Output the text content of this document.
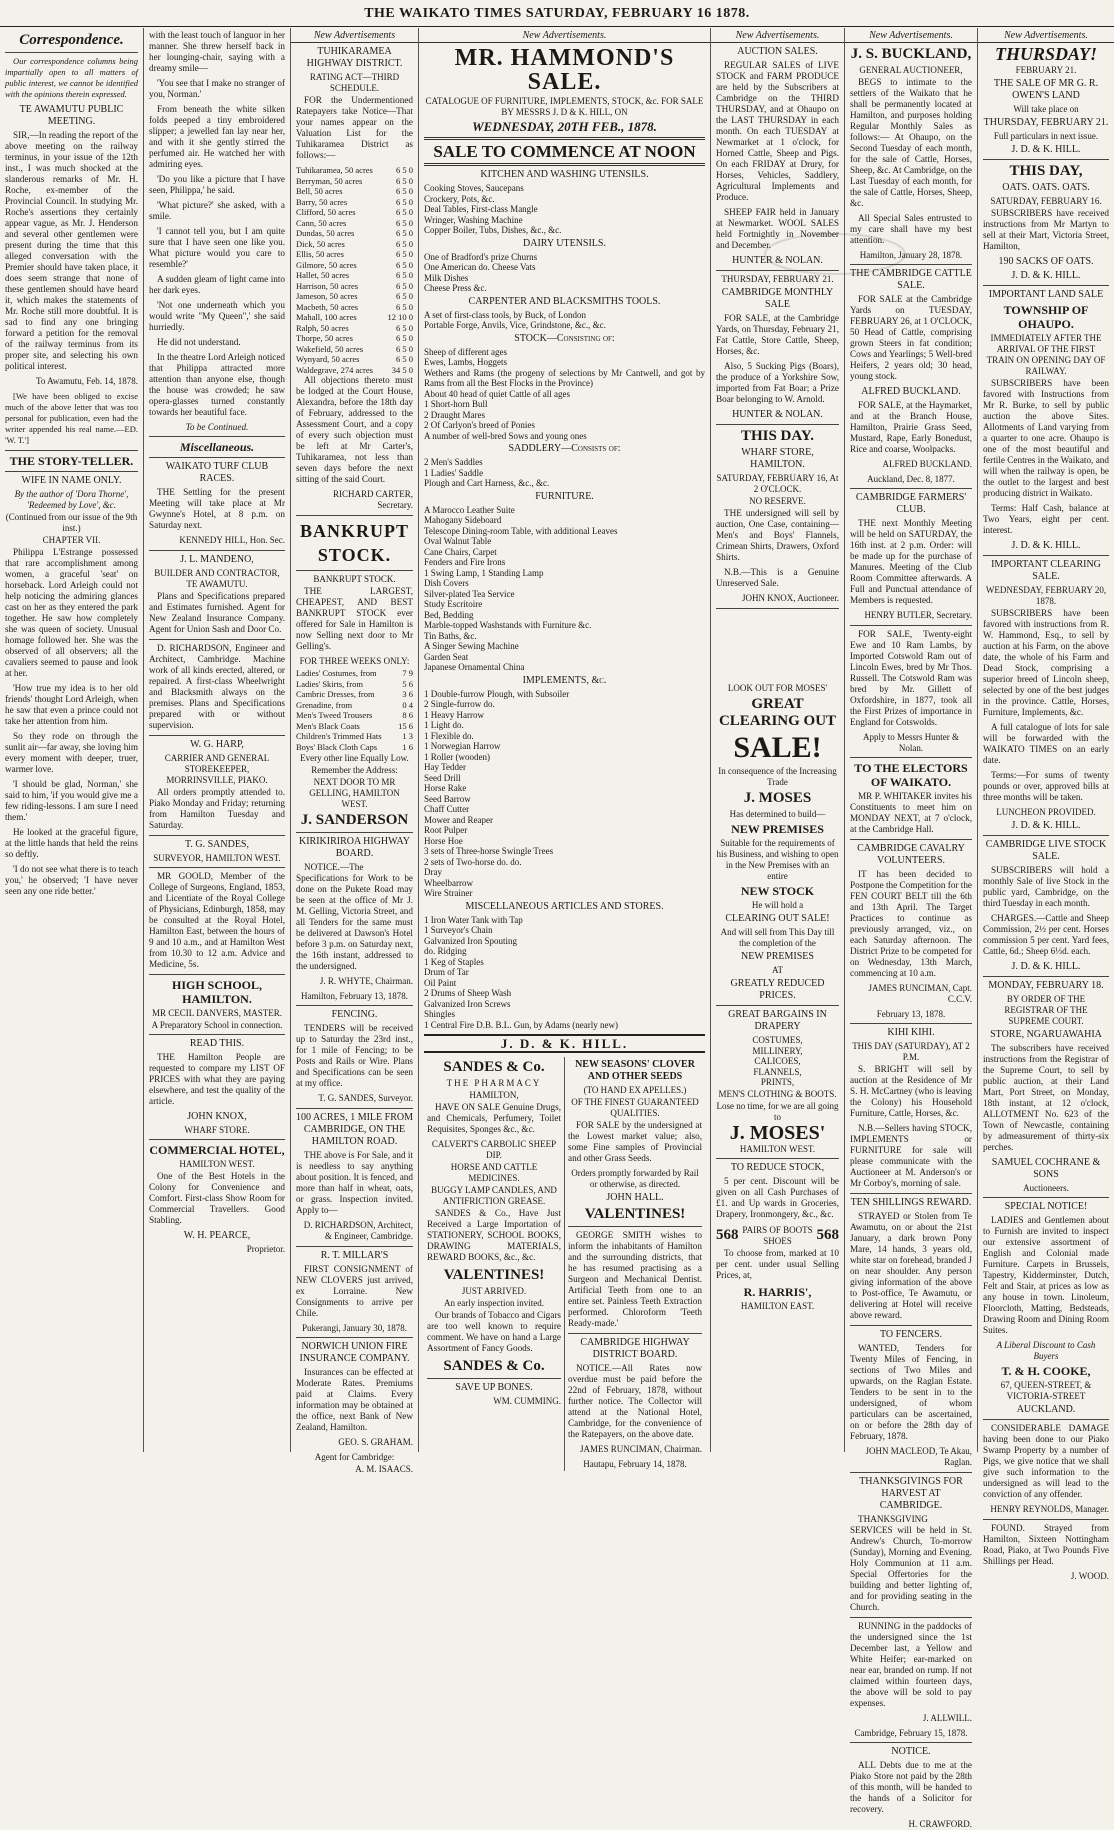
THE WAIKATO TIMES SATURDAY, FEBRUARY 16 1878.
Correspondence.

Our correspondence columns being impartially open to all matters of public interest, we cannot be identified with the opinions therein expressed.

TE AWAMUTU PUBLIC MEETING.

SIR,—In reading the report of the above meeting on the railway terminus, in your issue of the 12th inst., I was much shocked at the slanderous remarks of Mr. H. Roche, ex-member of the Provincial Council. In studying Mr. Roche's assertions they certainly appear vague, as Mr. J. Henderson and several other gentlemen were present during the time that this alleged conversation with the Premier should have taken place, it does seem strange that none of these gentlemen should have heard it, which makes the statements of Mr. Roche still more doubtful. It is sad to find any one bringing forward a petition for the removal of the railway terminus from its proper site, and selecting his own political interest.

To Awamutu, Feb. 14, 1878.

[We have been obliged to excise much of the above letter that was too personal for publication, even had the writer appended his real name.—ED. 'W. T.']

THE STORY-TELLER.
WIFE IN NAME ONLY.
By the author of 'Dora Thorne', 'Redeemed by Love', &c.
(Continued from our issue of the 9th inst.)
CHAPTER VII.

Philippa L'Estrange possessed that rare accomplishment among women, a graceful 'seat' on horseback. Lord Arleigh could not help noticing the admiring glances cast on her as they entered the park together. He saw how completely she was queen of society. Unusual homage followed her. She was the observed of all observers; all the cavaliers seemed to pause and look at her.

'How true my idea is to her old friends' thought Lord Arleigh, when he saw that even a prince could not take her attention from him.

So they rode on through the sunlit air—far away, she loving him every moment with deeper, truer, warmer love.

'I should be glad, Norman,' she said to him, 'if you would give me a few riding-lessons. I am sure I need them.'

He looked at the graceful figure, at the little hands that held the reins so deftly.

'I do not see what there is to teach you,' he observed; 'I have never seen any one ride better.'

with the least touch of languor in her manner. She threw herself back in her lounging-chair, saying with a dreamy smile—

'You see that I make no stranger of you, Norman.'

From beneath the white silken folds peeped a tiny embroidered slipper; a jewelled fan lay near her, and with it she gently stirred the perfumed air. He watched her with admiring eyes.

'Do you like a picture that I have seen, Philippa,' he said.

'What picture?' she asked, with a smile.

'I cannot tell you, but I am quite sure that I have seen one like you. What picture would you care to resemble?'

A sudden gleam of light came into her dark eyes.

'Not one underneath which you would write "My Queen",' she said hurriedly.

He did not understand.

In the theatre Lord Arleigh noticed that Philippa attracted more attention than anyone else, though the house was crowded; he saw opera-glasses turned constantly towards her beautiful face.

To be Continued.
Miscellaneous.
WAIKATO TURF CLUB RACES.

THE Settling for the present Meeting will take place at Mr Gwynne's Hotel, at 8 p.m. on Saturday next.

KENNEDY HILL, Hon. Sec.
J. L. MANDENO,
BUILDER AND CONTRACTOR, TE AWAMUTU.

Plans and Specifications prepared and Estimates furnished. Agent for New Zealand Insurance Company. Agent for Union Sash and Door Co.

D. RICHARDSON, Engineer and Architect, Cambridge. Machine work of all kinds erected, altered, or repaired. A first-class Wheelwright and Blacksmith always on the premises. Plans and Specifications prepared with or without supervision.

W. G. HARP,
CARRIER AND GENERAL STOREKEEPER, MORRINSVILLE, PIAKO.

All orders promptly attended to. Piako Monday and Friday; returning from Hamilton Tuesday and Saturday.

T. G. SANDES,
SURVEYOR, HAMILTON WEST.

MR GOOLD, Member of the College of Surgeons, England, 1853, and Licentiate of the Royal College of Physicians, Edinburgh, 1858, may be consulted at the Royal Hotel, Hamilton East, between the hours of 9 and 10 a.m., and at Hamilton West from 10.30 to 12 a.m. Advice and Medicine, 5s.

HIGH SCHOOL, HAMILTON.
MR CECIL DANVERS, MASTER.
A Preparatory School in connection.
READ THIS.

THE Hamilton People are requested to compare my LIST OF PRICES with what they are paying elsewhere, and test the quality of the article.

JOHN KNOX,
WHARF STORE.
COMMERCIAL HOTEL,
HAMILTON WEST.

One of the Best Hotels in the Colony for Convenience and Comfort. First-class Show Room for Commercial Travellers. Good Stabling.

W. H. PEARCE,
Proprietor.
New Advertisements
TUHIKARAMEA HIGHWAY DISTRICT.
RATING ACT—THIRD SCHEDULE.

FOR the Undermentioned Ratepayers take Notice—That your names appear on the Valuation List for the Tuhikaramea District as follows:—

Tuhikaramea, 50 acres	6 5 0
Berryman, 50 acres	6 5 0
Bell, 50 acres	6 5 0
Barry, 50 acres	6 5 0
Clifford, 50 acres	6 5 0
Cann, 50 acres	6 5 0
Dundas, 50 acres	6 5 0
Dick, 50 acres	6 5 0
Ellis, 50 acres	6 5 0
Gilmore, 50 acres	6 5 0
Hallet, 50 acres	6 5 0
Harrison, 50 acres	6 5 0
Jameson, 50 acres	6 5 0
Macbeth, 50 acres	6 5 0
Mahall, 100 acres	12 10 0
Ralph, 50 acres	6 5 0
Thorpe, 50 acres	6 5 0
Wakefield, 50 acres	6 5 0
Wynyard, 50 acres	6 5 0
Waldegrave, 274 acres 34 5 0

All objections thereto must be lodged at the Court House, Alexandra, before the 18th day of February, addressed to the Assessment Court, and a copy of every such objection must be left at Mr Carter's, Tuhikaramea, not less than seven days before the next sitting of the said Court.

RICHARD CARTER, Secretary.
BANKRUPT STOCK.
BANKRUPT STOCK.

THE LARGEST, CHEAPEST, AND BEST BANKRUPT STOCK ever offered for Sale in Hamilton is now Selling next door to Mr Gelling's.

FOR THREE WEEKS ONLY:
Ladies' Costumes, from	7 9
Ladies' Skirts, from	5 6
Cambric Dresses, from	3 6
Grenadine, from	0 4
Men's Tweed Trousers	8 6
Men's Black Coats	15 6
Children's Trimmed Hats 1 3
Boys' Black Cloth Caps	1 6
Every other line Equally Low.
Remember the Address:
NEXT DOOR TO MR GELLING, HAMILTON WEST.
J. SANDERSON
KIRIKIRIROA HIGHWAY BOARD.

NOTICE.—The Specifications for Work to be done on the Pukete Road may be seen at the office of Mr J. M. Gelling, Victoria Street, and all Tenders for the same must be delivered at Dawson's Hotel before 3 p.m. on Saturday next, the 16th instant, addressed to the undersigned.

J. R. WHYTE, Chairman.
Hamilton, February 13, 1878.
FENCING.

TENDERS will be received up to Saturday the 23rd inst., for 1 mile of Fencing; to be Posts and Rails or Wire. Plans and Specifications can be seen at my office.

T. G. SANDES, Surveyor.
100 ACRES, 1 MILE FROM CAMBRIDGE, ON THE HAMILTON ROAD.

THE above is For Sale, and it is needless to say anything about position. It is fenced, and more than half in wheat, oats, or grass. Inspection invited. Apply to—

D. RICHARDSON, Architect, & Engineer, Cambridge.
R. T. MILLAR'S

FIRST CONSIGNMENT of NEW CLOVERS just arrived, ex Lorraine. New Consignments to arrive per Chile.

Pukerangi, January 30, 1878.
NORWICH UNION FIRE INSURANCE COMPANY.

Insurances can be effected at Moderate Rates. Premiums paid at Claims. Every information may be obtained at the office, next Bank of New Zealand, Hamilton.

GEO. S. GRAHAM.
Agent for Cambridge:
A. M. ISAACS.
New Advertisements.
MR. HAMMOND'S SALE.
CATALOGUE OF FURNITURE, IMPLEMENTS, STOCK, &c. FOR SALE BY MESSRS J. D & K. HILL, ON
WEDNESDAY, 20TH FEB., 1878.
SALE TO COMMENCE AT NOON
KITCHEN AND WASHING UTENSILS.
Cooking Stoves, Saucepans
Crockery, Pots, &c.
Deal Tables, First-class Mangle
Wringer, Washing Machine
Copper Boiler, Tubs, Dishes, &c., &c.
DAIRY UTENSILS.
One of Bradford's prize Churns
One American do. Cheese Vats
Milk Dishes
Cheese Press &c.
CARPENTER AND BLACKSMITHS TOOLS.
A set of first-class tools, by Buck, of London
Portable Forge, Anvils, Vice, Grindstone, &c., &c.
STOCK—Consisting of:
Sheep of different ages
Ewes, Lambs, Hoggets
Wethers and Rams (the progeny of selections by Mr Cantwell, and got by Rams from all the Best Flocks in the Province)
About 40 head of quiet Cattle of all ages
1 Short-horn Bull
2 Draught Mares
2 Of Carlyon's breed of Ponies
A number of well-bred Sows and young ones
SADDLERY—Consists of:
2 Men's Saddles
1 Ladies' Saddle
Plough and Cart Harness, &c., &c.
FURNITURE.
A Marocco Leather Suite
Mahogany Sideboard
Telescope Dining-room Table, with additional Leaves
Oval Walnut Table
Cane Chairs, Carpet
Fenders and Fire Irons
1 Swing Lamp, 1 Standing Lamp
Dish Covers
Silver-plated Tea Service
Study Escritoire
Bed, Bedding
Marble-topped Washstands with Furniture &c.
Tin Baths, &c.
A Singer Sewing Machine
Garden Seat
Japanese Ornamental China
IMPLEMENTS, &c.
1 Double-furrow Plough, with Subsoiler
2 Single-furrow do.
1 Heavy Harrow
1 Light do.
1 Flexible do.
1 Norwegian Harrow
1 Roller (wooden)
Hay Tedder
Seed Drill
Horse Rake
Seed Barrow
Chaff Cutter
Mower and Reaper
Root Pulper
Horse Hoe
3 sets of Three-horse Swingle Trees
2 sets of Two-horse do. do.
Dray
Wheelbarrow
Wire Strainer
MISCELLANEOUS ARTICLES AND STORES.
1 Iron Water Tank with Tap
1 Surveyor's Chain
Galvanized Iron Spouting
do. Ridging
1 Keg of Staples
Drum of Tar
Oil Paint
2 Drums of Sheep Wash
Galvanized Iron Screws
Shingles
1 Central Fire D.B. B.L. Gun, by Adams (nearly new)
J. D. & K. HILL.
SANDES & Co.
THE PHARMACY
HAMILTON,

HAVE ON SALE Genuine Drugs, and Chemicals, Perfumery, Toilet Requisites, Sponges &c., &c.

CALVERT'S CARBOLIC SHEEP DIP.
HORSE AND CATTLE MEDICINES.
BUGGY LAMP CANDLES, AND ANTIFRICTION GREASE.

SANDES & Co., Have Just Received a Large Importation of STATIONERY, SCHOOL BOOKS, DRAWING MATERIALS, REWARD BOOKS, &c., &c.

VALENTINES!
JUST ARRIVED.
An early inspection invited.

Our brands of Tobacco and Cigars are too well known to require comment. We have on hand a Large Assortment of Fancy Goods.

SANDES & Co.
SAVE UP BONES.
WM. CUMMING.
NEW SEASONS' CLOVER AND OTHER SEEDS
(TO HAND EX APELLES.)
OF THE FINEST GUARANTEED QUALITIES.

FOR SALE by the undersigned at the Lowest market value; also, some Fine samples of Provincial and other Grass Seeds.

Orders promptly forwarded by Rail or otherwise, as directed.
JOHN HALL.
VALENTINES!

GEORGE SMITH wishes to inform the inhabitants of Hamilton and the surrounding districts, that he has resumed practising as a Surgeon and Mechanical Dentist. Artificial Teeth from one to an entire set. Painless Teeth Extraction performed. Chloroform 'Teeth Ready-made.'

CAMBRIDGE HIGHWAY DISTRICT BOARD.

NOTICE.—All Rates now overdue must be paid before the 22nd of February, 1878, without further notice. The Collector will attend at the National Hotel, Cambridge, for the convenience of the Ratepayers, on the above date.

JAMES RUNCIMAN, Chairman.
Hautapu, February 14, 1878.
New Advertisements.
AUCTION SALES.

REGULAR SALES of LIVE STOCK and FARM PRODUCE are held by the Subscribers at Cambridge on the THIRD THURSDAY, and at Ohaupo on the LAST THURSDAY in each month. On each TUESDAY at Newmarket at 1 o'clock, for Horned Cattle, Sheep and Pigs. On each FRIDAY at Drury, for Horses, Vehicles, Saddlery, Agricultural Implements and Produce.

SHEEP FAIR held in January at Newmarket. WOOL SALES held Fortnightly in November and December.

HUNTER & NOLAN.
THURSDAY, FEBRUARY 21.
CAMBRIDGE MONTHLY SALE

FOR SALE, at the Cambridge Yards, on Thursday, February 21, Fat Cattle, Store Cattle, Sheep, Horses, &c.

Also, 5 Sucking Pigs (Boars), the produce of a Yorkshire Sow, imported from Fat Boar; a Prize Boar belonging to W. Arnold.

HUNTER & NOLAN.
THIS DAY.
WHARF STORE, HAMILTON.
SATURDAY, FEBRUARY 16, At 2 O'CLOCK.
NO RESERVE.

THE undersigned will sell by auction, One Case, containing—Men's and Boys' Flannels, Crimean Shirts, Drawers, Oxford Shirts.

N.B.—This is a Genuine Unreserved Sale.

JOHN KNOX, Auctioneer.
LOOK OUT FOR MOSES'
GREAT CLEARING OUT
SALE!
In consequence of the Increasing Trade
J. MOSES
Has determined to build—
NEW PREMISES
Suitable for the requirements of his Business, and wishing to open in the New Premises with an entire
NEW STOCK
He will hold a
CLEARING OUT SALE!
And will sell from This Day till the completion of the
NEW PREMISES
AT
GREATLY REDUCED PRICES.
GREAT BARGAINS IN DRAPERY
COSTUMES,
MILLINERY,
CALICOES,
FLANNELS,
PRINTS,
MEN'S CLOTHING & BOOTS.
Lose no time, for we are all going to
J. MOSES'
HAMILTON WEST.
TO REDUCE STOCK,

5 per cent. Discount will be given on all Cash Purchases of £1. and Up wards in Groceries, Drapery, Ironmongery, &c., &c.

568 PAIRS OF BOOTS SHOES	568

To choose from, marked at 10 per cent. under usual Selling Prices, at,

R. HARRIS',
HAMILTON EAST.
New Advertisements.
J. S. BUCKLAND,
GENERAL AUCTIONEER,

BEGS to intimate to the settlers of the Waikato that he shall be permanently located at Hamilton, and purposes holding Regular Monthly Sales as follows:— At Ohaupo, on the Second Tuesday of each month, for the sale of Cattle, Horses, Sheep, &c. At Cambridge, on the Last Tuesday of each month, for the sale of Cattle, Horses, Sheep, &c.

All Special Sales entrusted to my care shall have my best attention.

Hamilton, January 28, 1878.
THE CAMBRIDGE CATTLE SALE.

FOR SALE at the Cambridge Yards on TUESDAY, FEBRUARY 26, at 1 O'CLOCK, 50 Head of Cattle, comprising grown Steers in fat condition; Cows and Yearlings; 5 Well-bred Heifers, 2 years old; 30 head, young stock.

ALFRED BUCKLAND.

FOR SALE, at the Haymarket, and at the Branch House, Hamilton, Prairie Grass Seed, Mustard, Rape, Early Bonedust, Rice and coarse, Woolpacks.

ALFRED BUCKLAND.
Auckland, Dec. 8, 1877.
CAMBRIDGE FARMERS' CLUB.

THE next Monthly Meeting will be held on SATURDAY, the 16th inst. at 2 p.m. Order: will be made up for the purchase of Manures. Meeting of the Club Room Committee afterwards. A Full and Punctual attendance of Members is requested.

HENRY BUTLER, Secretary.

FOR SALE, Twenty-eight Ewe and 10 Ram Lambs, by Imported Cotswold Ram out of Lincoln Ewes, bred by Mr Thos. Russell. The Cotswold Ram was bred by Mr. Gillett of Oxfordshire, in 1877, took all the First Prizes of importance in England for Cotswolds.

Apply to Messrs Hunter & Nolan.
TO THE ELECTORS OF WAIKATO.

MR P. WHITAKER invites his Constituents to meet him on MONDAY NEXT, at 7 o'clock, at the Cambridge Hall.

CAMBRIDGE CAVALRY VOLUNTEERS.

IT has been decided to Postpone the Competition for the FEN COURT BELT till the 6th and 13th April. The Target Practices to continue as previously arranged, viz., on each Saturday afternoon. The District Prize to be competed for on Wednesday, 13th March, commencing at 10 a.m.

JAMES RUNCIMAN, Capt. C.C.V.
February 13, 1878.
KIHI KIHI.
THIS DAY (SATURDAY), AT 2 P.M.

S. BRIGHT will sell by auction at the Residence of Mr S. H. McCartney (who is leaving the Colony) his Household Furniture, Cattle, Horses, &c.

N.B.—Sellers having STOCK, IMPLEMENTS or FURNITURE for sale will please communicate with the Auctioneer at M. Anderson's or Mr Corboy's, morning of sale.

TEN SHILLINGS REWARD.

STRAYED or Stolen from Te Awamutu, on or about the 21st January, a dark brown Pony Mare, 14 hands, 3 years old, white star on forehead, branded J on near shoulder. Any person giving information of the above to Post-office, Te Awamutu, or delivering at Hotel will receive above reward.

TO FENCERS.

WANTED, Tenders for Twenty Miles of Fencing, in sections of Two Miles and upwards, on the Raglan Estate. Tenders to be sent in to the undersigned, of whom particulars can be ascertained, on or before the 28th day of February, 1878.

JOHN MACLEOD, Te Akau, Raglan.
THANKSGIVINGS FOR HARVEST AT CAMBRIDGE.

THANKSGIVING SERVICES will be held in St. Andrew's Church, To-morrow (Sunday), Morning and Evening. Holy Communion at 11 a.m. Special Offertories for the building and better lighting of, and for providing seating in the Church.

RUNNING in the paddocks of the undersigned since the 1st December last, a Yellow and White Heifer; ear-marked on near ear, branded on rump. If not claimed within fourteen days, the above will be sold to pay expenses.

J. ALLWILL.
Cambridge, February 15, 1878.
NOTICE.

ALL Debts due to me at the Piako Store not paid by the 28th of this month, will be handed to the hands of a Solicitor for recovery.

H. CRAWFORD.
New Advertisements.
THURSDAY!
FEBRUARY 21.
THE SALE OF MR G. R. OWEN'S LAND
Will take place on
THURSDAY, FEBRUARY 21.
Full particulars in next issue.
J. D. & K. HILL.
THIS DAY,
OATS. OATS. OATS.
SATURDAY, FEBRUARY 16.

SUBSCRIBERS have received instructions from Mr Martyn to sell at their Mart, Victoria Street, Hamilton,

190 SACKS OF OATS.
J. D. & K. HILL.
IMPORTANT LAND SALE
TOWNSHIP OF OHAUPO.
IMMEDIATELY AFTER THE ARRIVAL OF THE FIRST TRAIN ON OPENING DAY OF RAILWAY.

SUBSCRIBERS have been favored with Instructions from Mr R. Burke, to sell by public auction the above Sites. Allotments of Land varying from a quarter to one acre. Ohaupo is one of the most beautiful and fertile Centres in the Waikato, and will when the railway is open, be the outlet to the largest and best producing district in Waikato.

Terms: Half Cash, balance at Two Years, eight per cent. interest.

J. D. & K. HILL.
IMPORTANT CLEARING SALE.
WEDNESDAY, FEBRUARY 20, 1878.

SUBSCRIBERS have been favored with instructions from R. W. Hammond, Esq., to sell by auction at his Farm, on the above date, the whole of his Farm and Dead Stock, comprising a superior breed of Lincoln sheep, selected by one of the best judges in the province. Cattle, Horses, Furniture, Implements, &c.

A full catalogue of lots for sale will be forwarded with the WAIKATO TIMES on an early date.

Terms:—For sums of twenty pounds or over, approved bills at three months will be taken.

LUNCHEON PROVIDED.
J. D. & K. HILL.
CAMBRIDGE LIVE STOCK SALE.

SUBSCRIBERS will hold a monthly Sale of live Stock in the public yard, Cambridge, on the third Tuesday in each month.

CHARGES.—Cattle and Sheep Commission, 2½ per cent. Horses commission 5 per cent. Yard fees, Cattle, 6d.; Sheep 6⅓d. each.

J. D. & K. HILL.
MONDAY, FEBRUARY 18.
BY ORDER OF THE REGISTRAR OF THE SUPREME COURT.
STORE, NGARUAWAHIA

The subscribers have received instructions from the Registrar of the Supreme Court, to sell by public auction, at their Land Mart, Port Street, on Monday, 18th instant, at 12 o'clock, ALLOTMENT No. 623 of the Town of Newcastle, containing by admeasurement of thirty-six perches.

SAMUEL COCHRANE & SONS
Auctioneers.
SPECIAL NOTICE!

LADIES and Gentlemen about to Furnish are invited to inspect our extensive assortment of English and Colonial made Furniture. Carpets in Brussels, Tapestry, Kidderminster, Dutch, Felt and Stair, at prices as low as any house in town. Linoleum, Floorcloth, Matting, Bedsteads, Drawing Room and Dining Room Suites.

A Liberal Discount to Cash Buyers
T. & H. COOKE,
67, QUEEN-STREET, & VICTORIA-STREET
AUCKLAND.

CONSIDERABLE DAMAGE having been done to our Piako Swamp Property by a number of Pigs, we give notice that we shall give such information to the undersigned as will lead to the conviction of any offender.

HENRY REYNOLDS, Manager.

FOUND. Strayed from Hamilton, Sixteen Nottingham Road, Piako, at Two Pounds Five Shillings per Head.

J. WOOD.
